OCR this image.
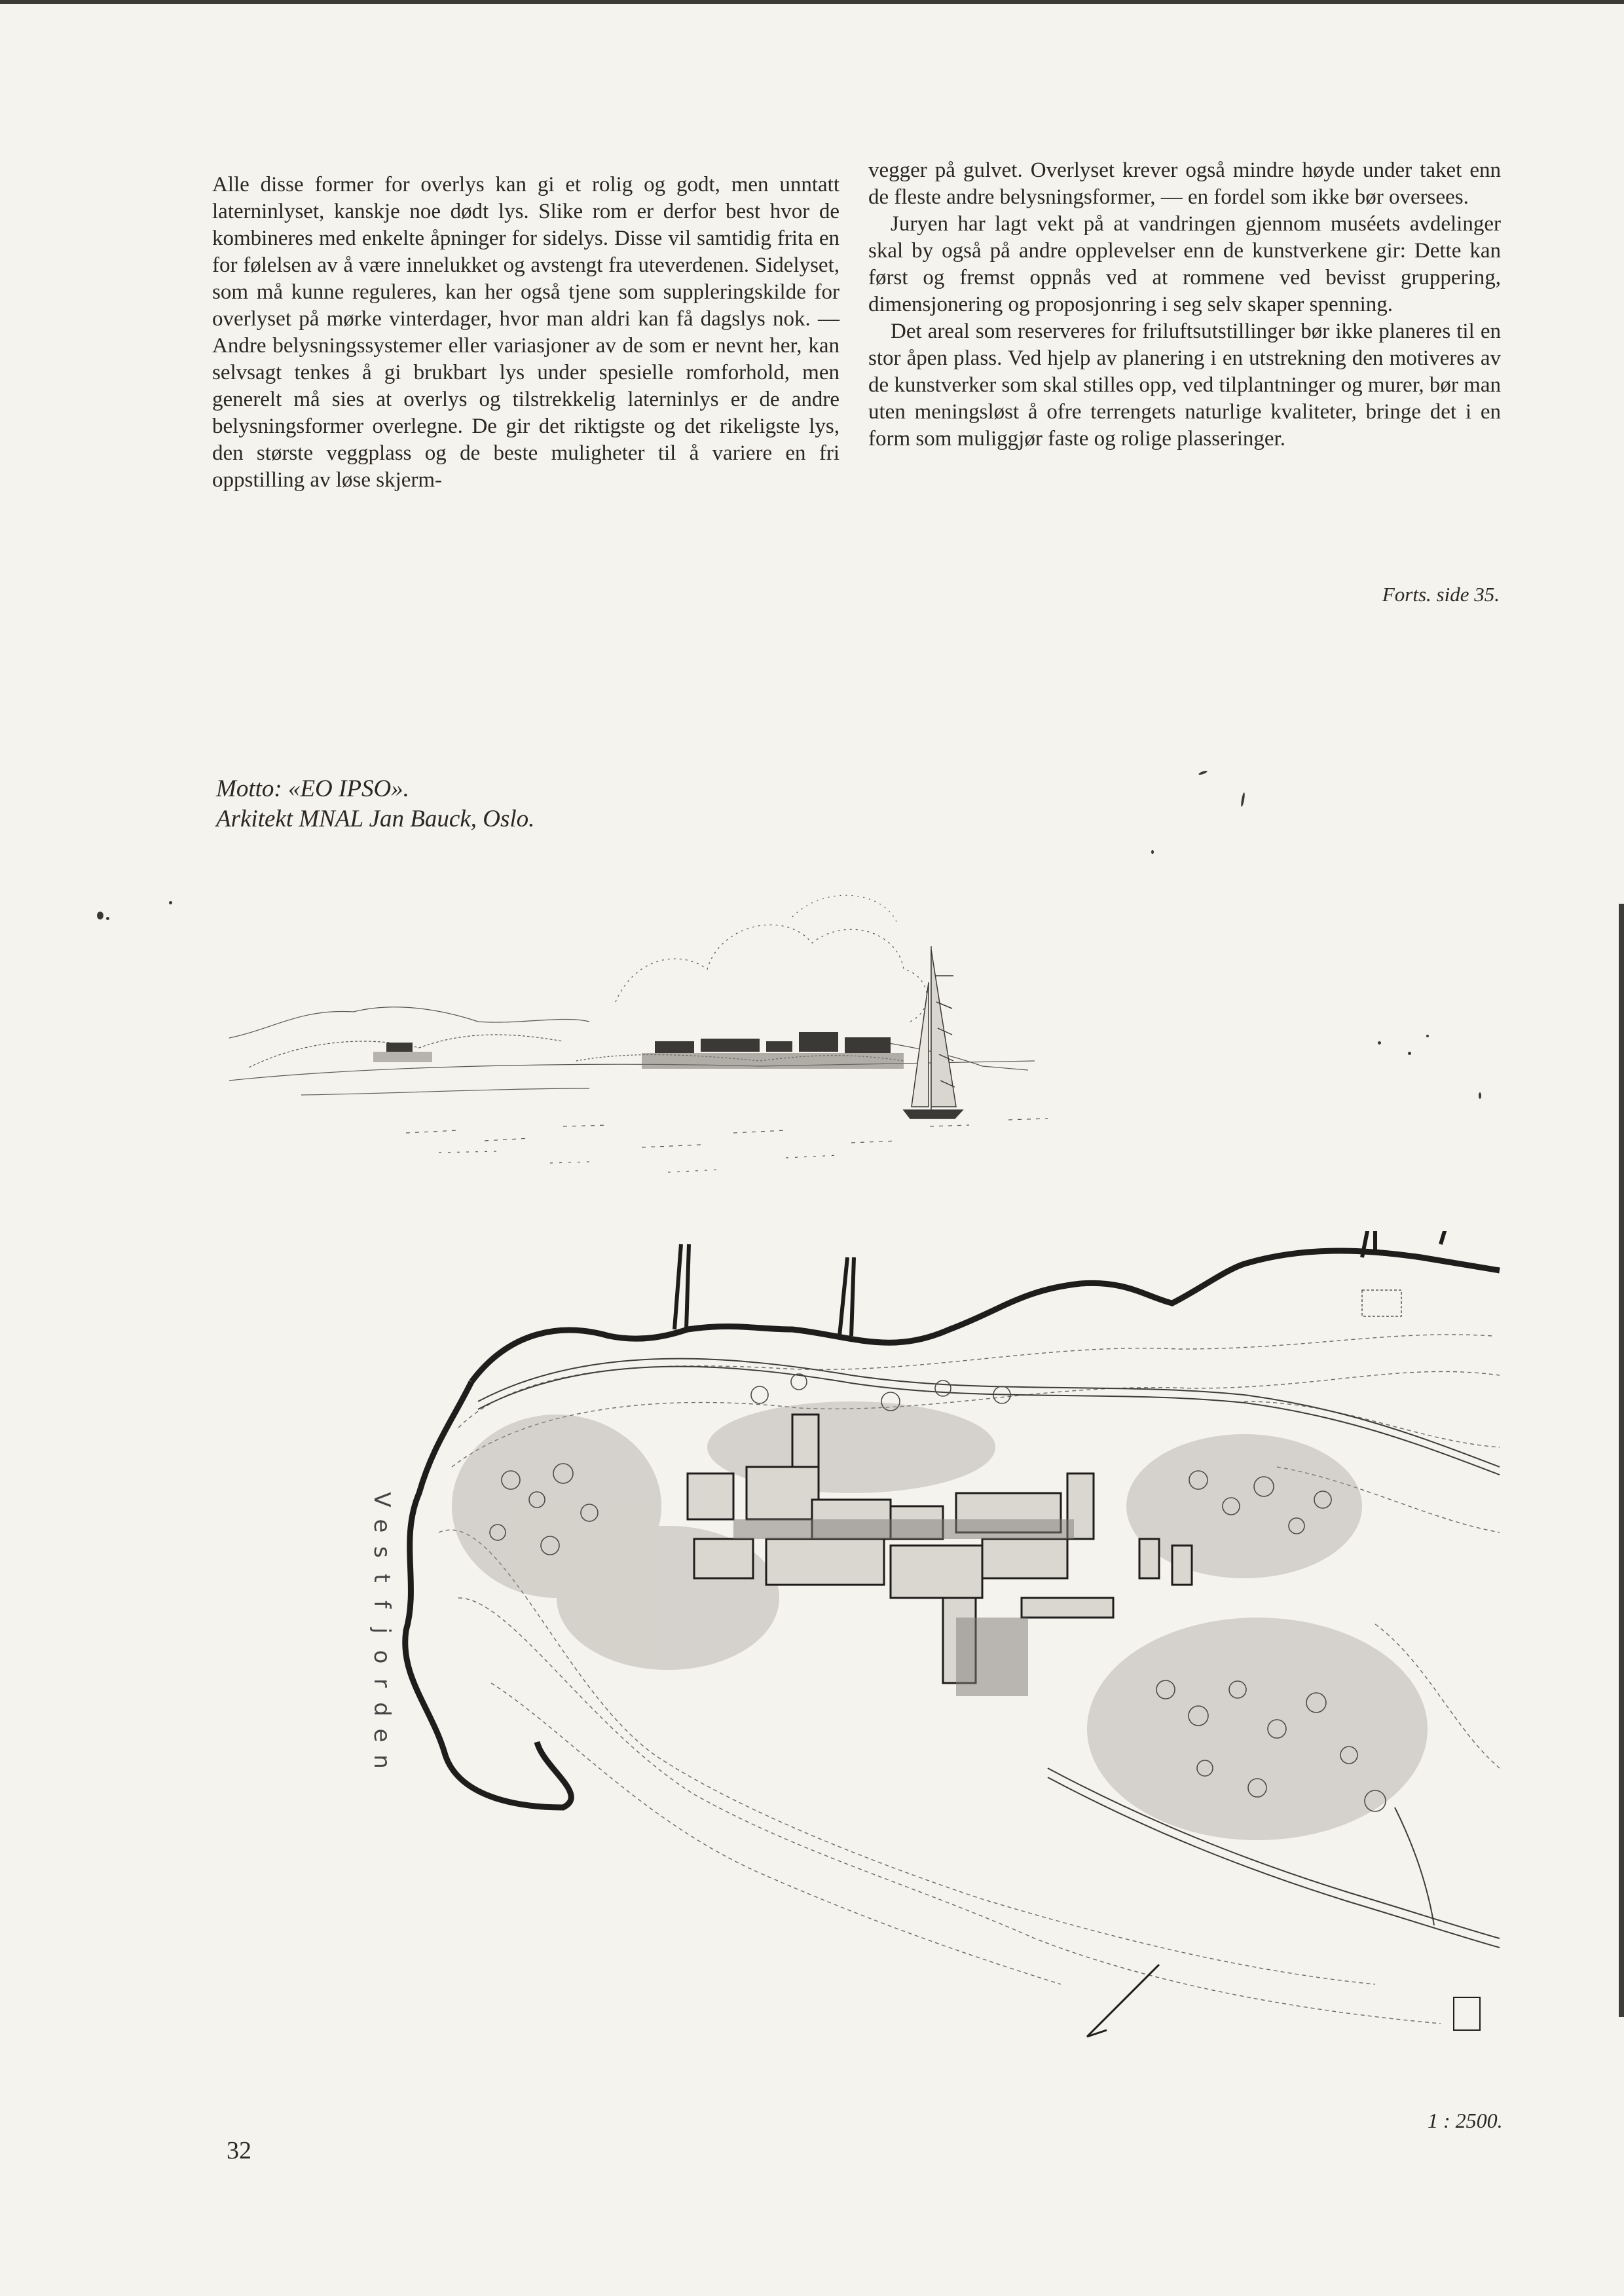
Alle disse former for overlys kan gi et rolig og godt, men unntatt laterninlyset, kanskje noe dødt lys. Slike rom er derfor best hvor de kombineres med enkelte åpninger for sidelys. Disse vil samtidig frita en for følelsen av å være innelukket og avstengt fra uteverdenen. Sidelyset, som må kunne reguleres, kan her også tjene som suppleringskilde for overlyset på mørke vinterdager, hvor man aldri kan få dagslys nok. — Andre belysningssystemer eller variasjoner av de som er nevnt her, kan selvsagt tenkes å gi brukbart lys under spesielle romforhold, men generelt må sies at overlys og tilstrekkelig laterninlys er de andre belysningsformer overlegne. De gir det riktigste og det rikeligste lys, den største veggplass og de beste muligheter til å variere en fri oppstilling av løse skjerm-

vegger på gulvet. Overlyset krever også mindre høyde under taket enn de fleste andre belysningsformer, — en fordel som ikke bør oversees.

Juryen har lagt vekt på at vandringen gjennom muséets avdelinger skal by også på andre opplevelser enn de kunstverkene gir: Dette kan først og fremst oppnås ved at rommene ved bevisst gruppering, dimensjonering og proposjonring i seg selv skaper spenning.

Det areal som reserveres for friluftsutstillinger bør ikke planeres til en stor åpen plass. Ved hjelp av planering i en utstrekning den motiveres av de kunstverker som skal stilles opp, ved tilplantninger og murer, bør man uten meningsløst å ofre terrengets naturlige kvaliteter, bringe det i en form som muliggjør faste og rolige plasseringer.

Forts. side 35.
Motto: «EO IPSO».
Arkitekt MNAL Jan Bauck, Oslo.
V
e
s
t
f
j
o
r
d
e
n
1 : 2500.
32
